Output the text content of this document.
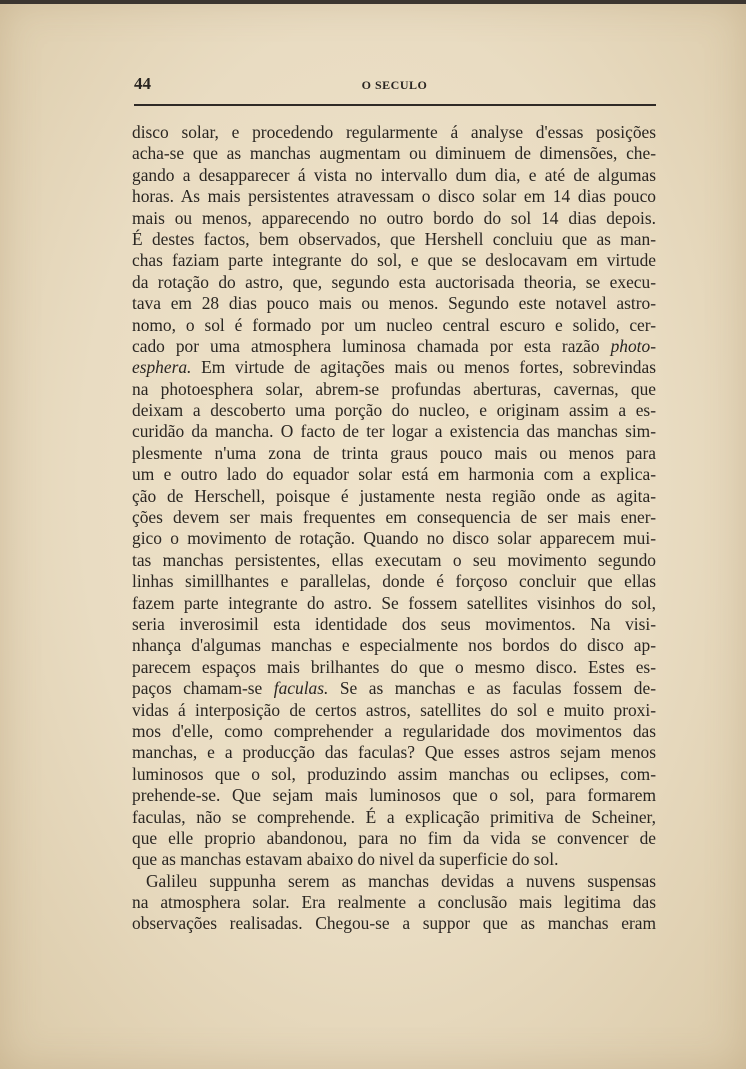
44	O SECULO
disco solar, e procedendo regularmente á analyse d'essas posições
acha-se que as manchas augmentam ou diminuem de dimensões, che-
gando a desapparecer á vista no intervallo dum dia, e até de algumas
horas. As mais persistentes atravessam o disco solar em 14 dias pouco
mais ou menos, apparecendo no outro bordo do sol 14 dias depois.
É destes factos, bem observados, que Hershell concluiu que as man-
chas faziam parte integrante do sol, e que se deslocavam em virtude
da rotação do astro, que, segundo esta auctorisada theoria, se execu-
tava em 28 dias pouco mais ou menos. Segundo este notavel astro-
nomo, o sol é formado por um nucleo central escuro e solido, cer-
cado por uma atmosphera luminosa chamada por esta razão photo-
esphera. Em virtude de agitações mais ou menos fortes, sobrevindas
na photoesphera solar, abrem-se profundas aberturas, cavernas, que
deixam a descoberto uma porção do nucleo, e originam assim a es-
curidão da mancha. O facto de ter logar a existencia das manchas sim-
plesmente n'uma zona de trinta graus pouco mais ou menos para
um e outro lado do equador solar está em harmonia com a explica-
ção de Herschell, poisque é justamente nesta região onde as agita-
ções devem ser mais frequentes em consequencia de ser mais ener-
gico o movimento de rotação. Quando no disco solar apparecem mui-
tas manchas persistentes, ellas executam o seu movimento segundo
linhas simillhantes e parallelas, donde é forçoso concluir que ellas
fazem parte integrante do astro. Se fossem satellites visinhos do sol,
seria inverosimil esta identidade dos seus movimentos. Na visi-
nhança d'algumas manchas e especialmente nos bordos do disco ap-
parecem espaços mais brilhantes do que o mesmo disco. Estes es-
paços chamam-se faculas. Se as manchas e as faculas fossem de-
vidas á interposição de certos astros, satellites do sol e muito proxi-
mos d'elle, como comprehender a regularidade dos movimentos das
manchas, e a producção das faculas? Que esses astros sejam menos
luminosos que o sol, produzindo assim manchas ou eclipses, com-
prehende-se. Que sejam mais luminosos que o sol, para formarem
faculas, não se comprehende. É a explicação primitiva de Scheiner,
que elle proprio abandonou, para no fim da vida se convencer de
que as manchas estavam abaixo do nivel da superficie do sol.
Galileu suppunha serem as manchas devidas a nuvens suspensas
na atmosphera solar. Era realmente a conclusão mais legitima das
observações realisadas. Chegou-se a suppor que as manchas eram
